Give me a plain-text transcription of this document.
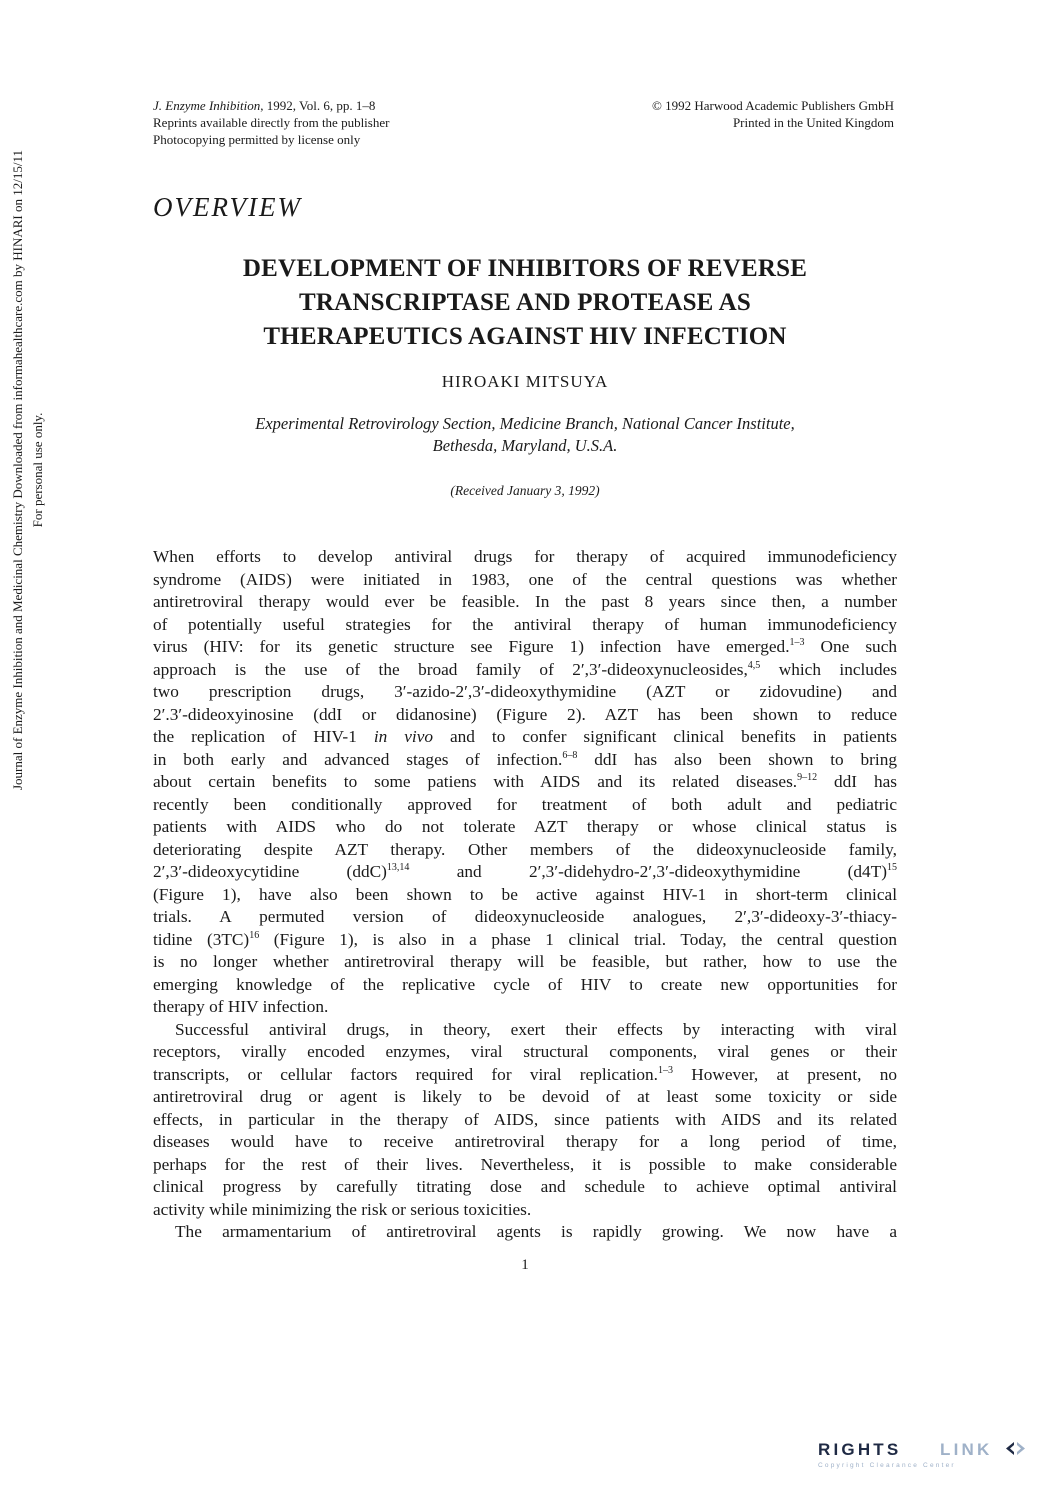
J. Enzyme Inhibition, 1992, Vol. 6, pp. 1–8
Reprints available directly from the publisher
Photocopying permitted by license only
© 1992 Harwood Academic Publishers GmbH
Printed in the United Kingdom
Journal of Enzyme Inhibition and Medicinal Chemistry Downloaded from informahealthcare.com by HINARI on 12/15/11 For personal use only.
OVERVIEW
DEVELOPMENT OF INHIBITORS OF REVERSE
TRANSCRIPTASE AND PROTEASE AS
THERAPEUTICS AGAINST HIV INFECTION
HIROAKI MITSUYA
Experimental Retrovirology Section, Medicine Branch, National Cancer Institute,
Bethesda, Maryland, U.S.A.
(Received January 3, 1992)
When efforts to develop antiviral drugs for therapy of acquired immunodeficiency
syndrome (AIDS) were initiated in 1983, one of the central questions was whether
antiretroviral therapy would ever be feasible. In the past 8 years since then, a number
of potentially useful strategies for the antiviral therapy of human immunodeficiency
virus (HIV: for its genetic structure see Figure 1) infection have emerged.$^{1-3}$ One such
approach is the use of the broad family of 2′,3′-dideoxynucleosides,$^{4,5}$ which includes
two prescription drugs, 3′-azido-2′,3′-dideoxythymidine (AZT or zidovudine) and
2′.3′-dideoxyinosine (ddI or didanosine) (Figure 2). AZT has been shown to reduce
the replication of HIV-1 in vivo and to confer significant clinical benefits in patients
in both early and advanced stages of infection.$^{6-8}$ ddI has also been shown to bring
about certain benefits to some patiens with AIDS and its related diseases.$^{9-12}$ ddI has
recently been conditionally approved for treatment of both adult and pediatric
patients with AIDS who do not tolerate AZT therapy or whose clinical status is
deteriorating despite AZT therapy. Other members of the dideoxynucleoside family,
2′,3′-dideoxycytidine (ddC)$^{13,14}$ and 2′,3′-didehydro-2′,3′-dideoxythymidine $(d4T)^{15}$
(Figure 1), have also been shown to be active against HIV-1 in short-term clinical
trials. A permuted version of dideoxynucleoside analogues, 2′,3′-dideoxy-3′-thiacy-
tidine $(3TC)^{16}$ (Figure 1), is also in a phase 1 clinical trial. Today, the central question
is no longer whether antiretroviral therapy will be feasible, but rather, how to use the
emerging knowledge of the replicative cycle of HIV to create new opportunities for
therapy of HIV infection.
Successful antiviral drugs, in theory, exert their effects by interacting with viral
receptors, virally encoded enzymes, viral structural components, viral genes or their
transcripts, or cellular factors required for viral replication.$^{1-3}$ However, at present, no
antiretroviral drug or agent is likely to be devoid of at least some toxicity or side
effects, in particular in the therapy of AIDS, since patients with AIDS and its related
diseases would have to receive antiretroviral therapy for a long period of time,
perhaps for the rest of their lives. Nevertheless, it is possible to make considerable
clinical progress by carefully titrating dose and schedule to achieve optimal antiviral
activity while minimizing the risk or serious toxicities.
The armamentarium of antiretroviral agents is rapidly growing. We now have a
1
RIGHTS LINK
Copyright Clearance Center
